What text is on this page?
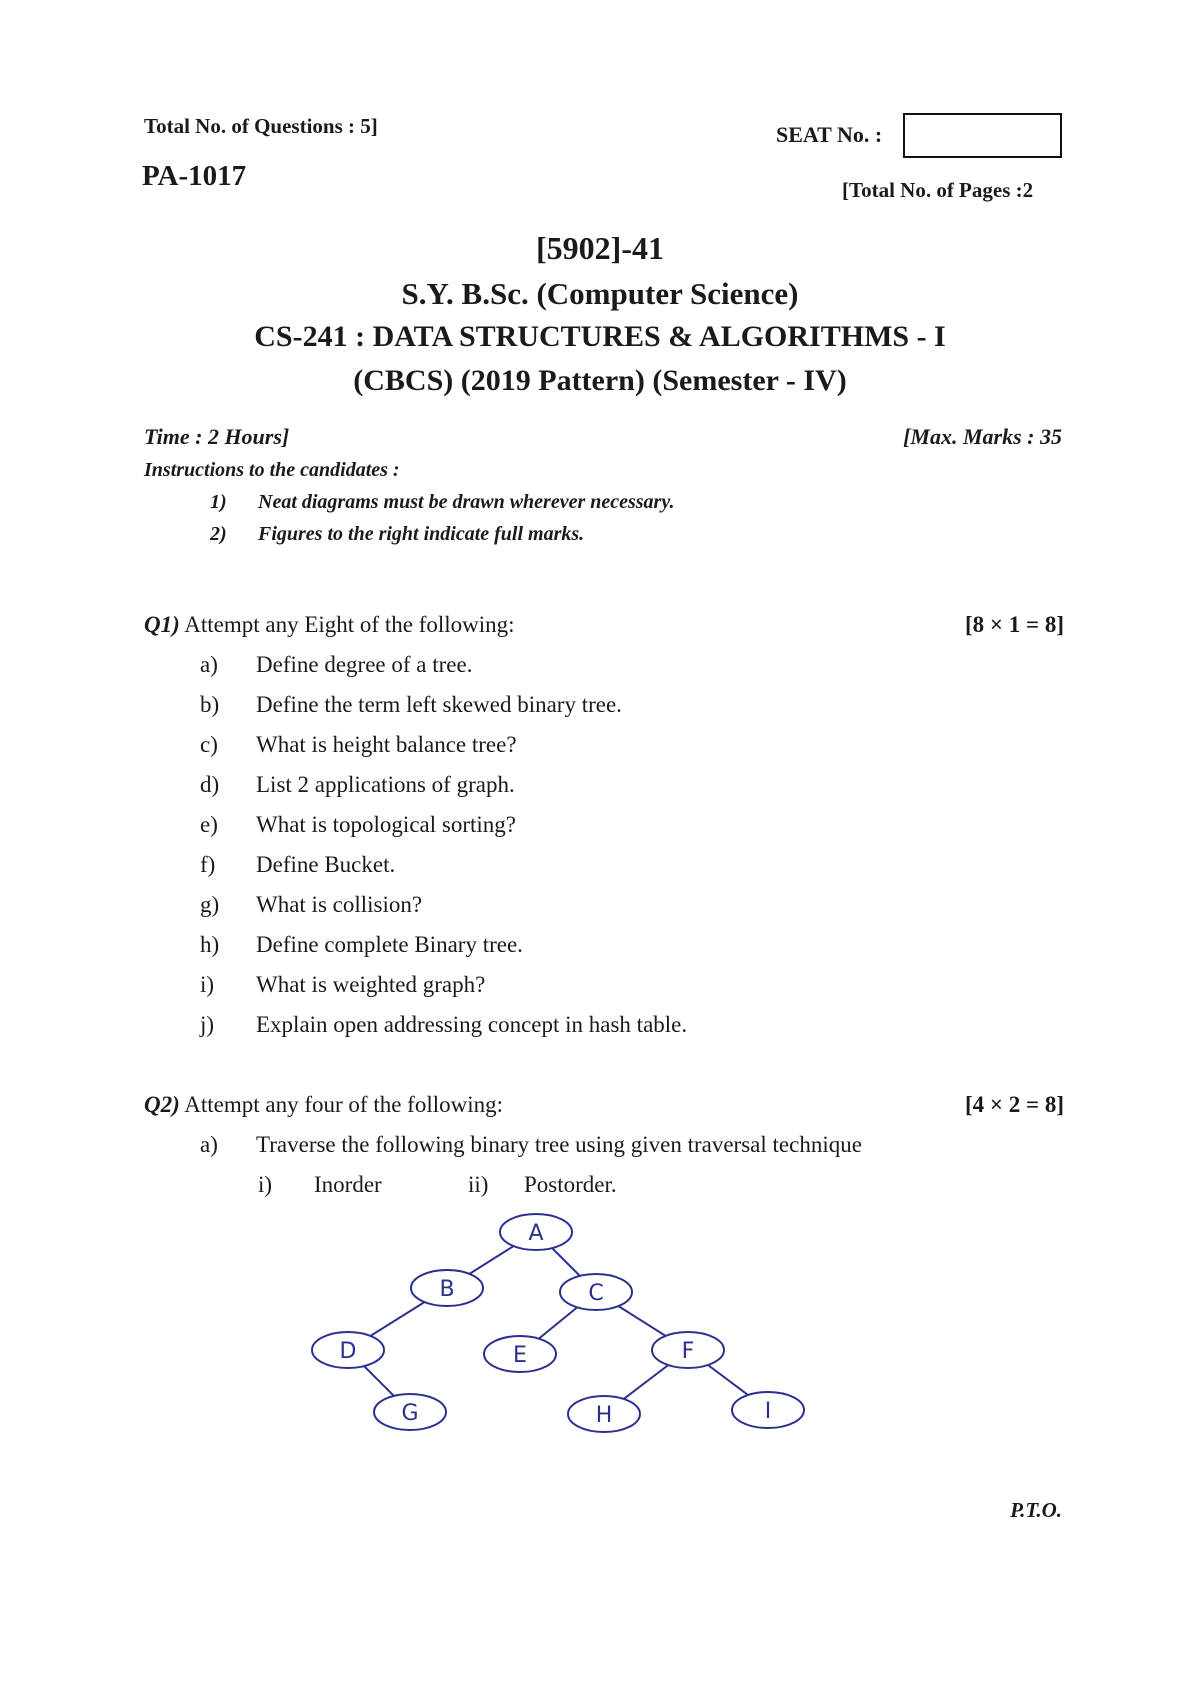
Total No. of Questions : 5]	SEAT No. :
PA-1017	[Total No. of Pages :2
[5902]-41
S.Y. B.Sc. (Computer Science)
CS-241 : DATA STRUCTURES & ALGORITHMS - I
(CBCS) (2019 Pattern) (Semester - IV)
Time : 2 Hours]	[Max. Marks : 35
Instructions to the candidates :
1) Neat diagrams must be drawn wherever necessary.
2) Figures to the right indicate full marks.
Q1) Attempt any Eight of the following:	[8 × 1 = 8]
a) Define degree of a tree.
b) Define the term left skewed binary tree.
c) What is height balance tree?
d) List 2 applications of graph.
e) What is topological sorting?
f) Define Bucket.
g) What is collision?
h) Define complete Binary tree.
i) What is weighted graph?
j) Explain open addressing concept in hash table.
Q2) Attempt any four of the following:	[4 × 2 = 8]
a) Traverse the following binary tree using given traversal technique
i) Inorder	ii) Postorder.
A
B	C
D	E	F
G	H	I
P.T.O.
